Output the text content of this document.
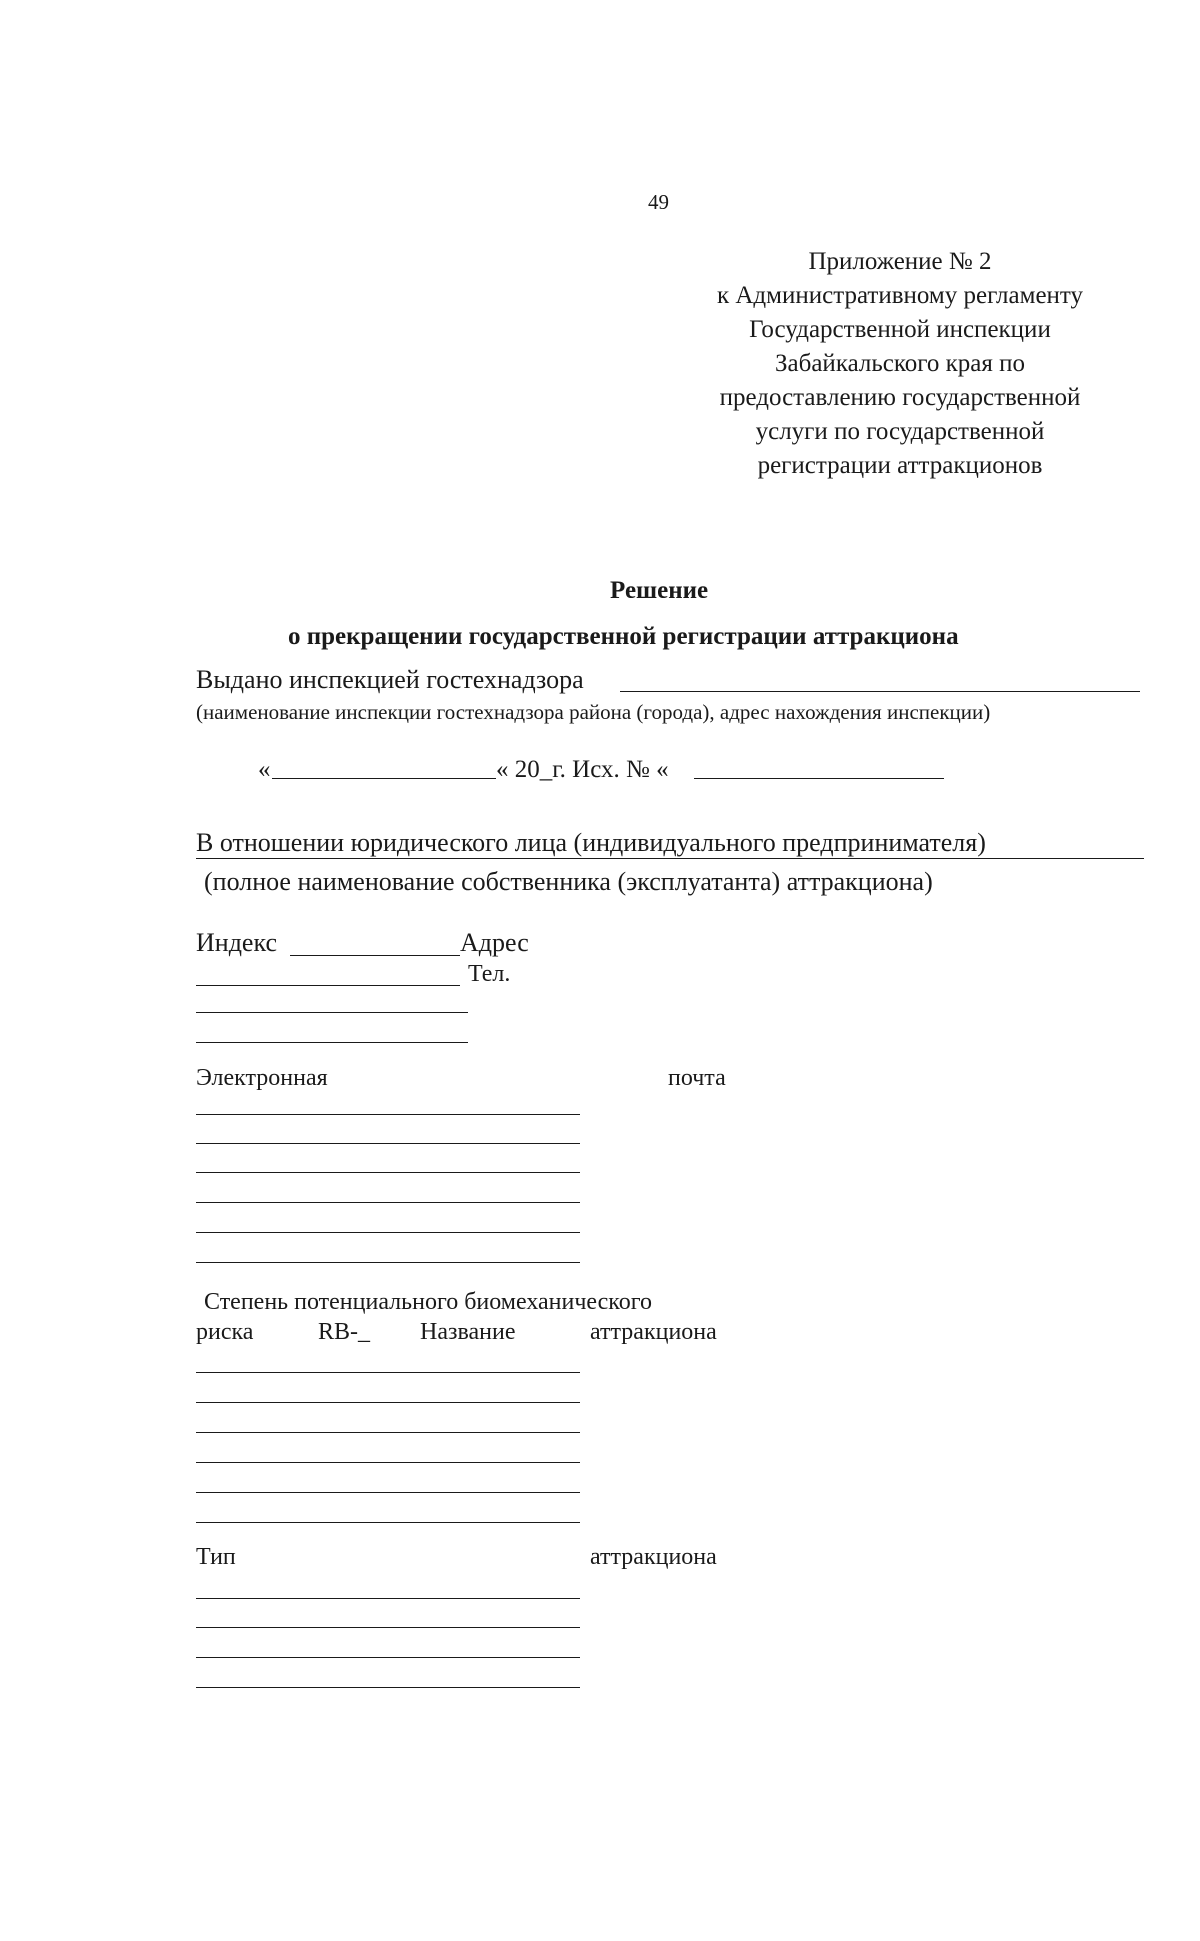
49
Приложение № 2
к Административному регламенту
Государственной инспекции
Забайкальского края по
предоставлению государственной
услуги по государственной
регистрации аттракционов
Решение
о прекращении государственной регистрации аттракциона
Выдано инспекцией гостехнадзора
(наименование инспекции гостехнадзора района (города), адрес нахождения инспекции)
«	« 20_г. Исх. № «
В отношении юридического лица (индивидуального предпринимателя)
(полное наименование собственника (эксплуатанта) аттракциона)
Индекс	Адрес
Тел.
Электронная	почта
Степень потенциального биомеханического
риска	RB-_ Название	аттракциона
Тип	аттракциона
